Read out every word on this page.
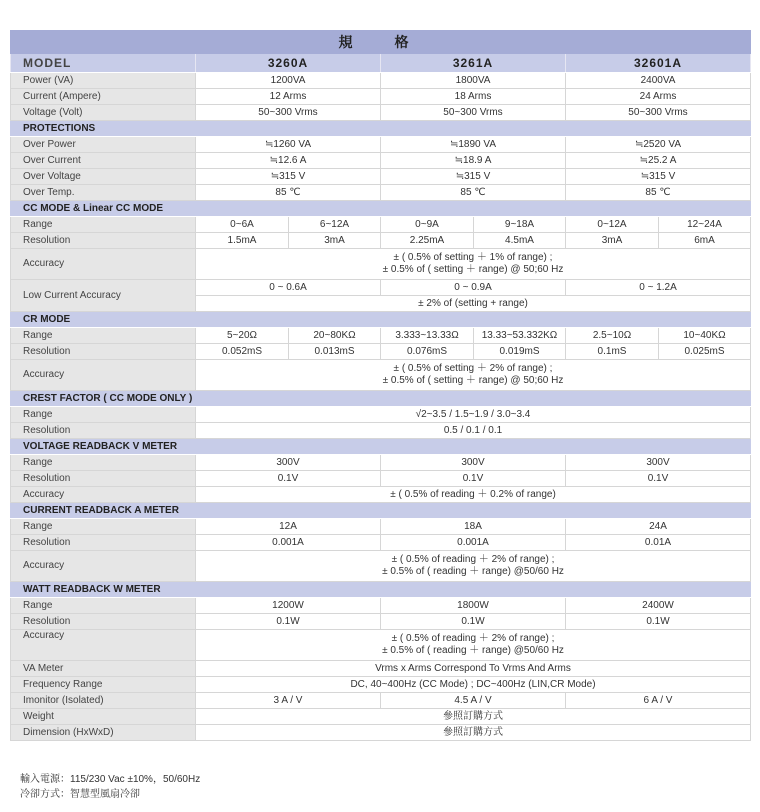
規　格						
MODEL	3260A		3261A		32601A	
Power (VA)	1200VA		1800VA		2400VA	
Current (Ampere)	12 Arms		18 Arms		24 Arms	
Voltage (Volt)	50~300 Vrms		50~300 Vrms		50~300 Vrms	
PROTECTIONS						
Over Power	≒1260 VA		≒1890 VA		≒2520 VA	
Over Current	≒12.6 A		≒18.9 A		≒25.2 A	
Over Voltage	≒315 V		≒315 V		≒315 V	
Over Temp.	85 ℃		85 ℃		85 ℃	
CC MODE & Linear CC MODE						
Range	0~6A	6~12A	0~9A	9~18A	0~12A	12~24A
Resolution	1.5mA	3mA	2.25mA	4.5mA	3mA	6mA
Accuracy	± ( 0.5% of setting ＋ 1% of range) ;
± 0.5% of ( setting ＋ range) @ 50;60 Hz					

Low Current Accuracy	0 ~ 0.6A		0 ~ 0.9A		0 ~ 1.2A	
	± 2% of (setting + range)					
CR MODE						
Range	5~20Ω	20~80KΩ	3.333~13.33Ω	13.33~53.332KΩ	2.5~10Ω	10~40KΩ
Resolution	0.052mS	0.013mS	0.076mS	0.019mS	0.1mS	0.025mS
Accuracy	± ( 0.5% of setting ＋ 2% of range) ;
± 0.5% of ( setting ＋ range) @ 50;60 Hz					

CREST FACTOR ( CC MODE ONLY )						
Range	√2~3.5 / 1.5~1.9 / 3.0~3.4					
Resolution	0.5 / 0.1 / 0.1					
VOLTAGE READBACK V METER						
Range	300V		300V		300V	
Resolution	0.1V		0.1V		0.1V	
Accuracy	± ( 0.5% of reading ＋ 0.2% of range)					
CURRENT READBACK A METER						
Range	12A		18A		24A	
Resolution	0.001A		0.001A		0.01A	
Accuracy	± ( 0.5% of reading ＋ 2% of range) ;
± 0.5% of ( reading ＋ range) @50/60 Hz					

WATT READBACK W METER						
Range	1200W		1800W		2400W	
Resolution	0.1W		0.1W		0.1W	
Accuracy	± ( 0.5% of reading ＋ 2% of range) ;
± 0.5% of ( reading ＋ range) @50/60 Hz					

VA Meter	Vrms x Arms Correspond To Vrms And Arms					
Frequency Range	DC, 40~400Hz (CC Mode) ; DC~400Hz (LIN,CR Mode)					
Imonitor (Isolated)	3 A / V		4.5 A / V		6 A / V	
Weight	參照訂購方式					
Dimension (HxWxD)	參照訂購方式					
輸入電源：115/230 Vac ±10%，50/60Hz
冷卻方式：智慧型風扇冷卻
